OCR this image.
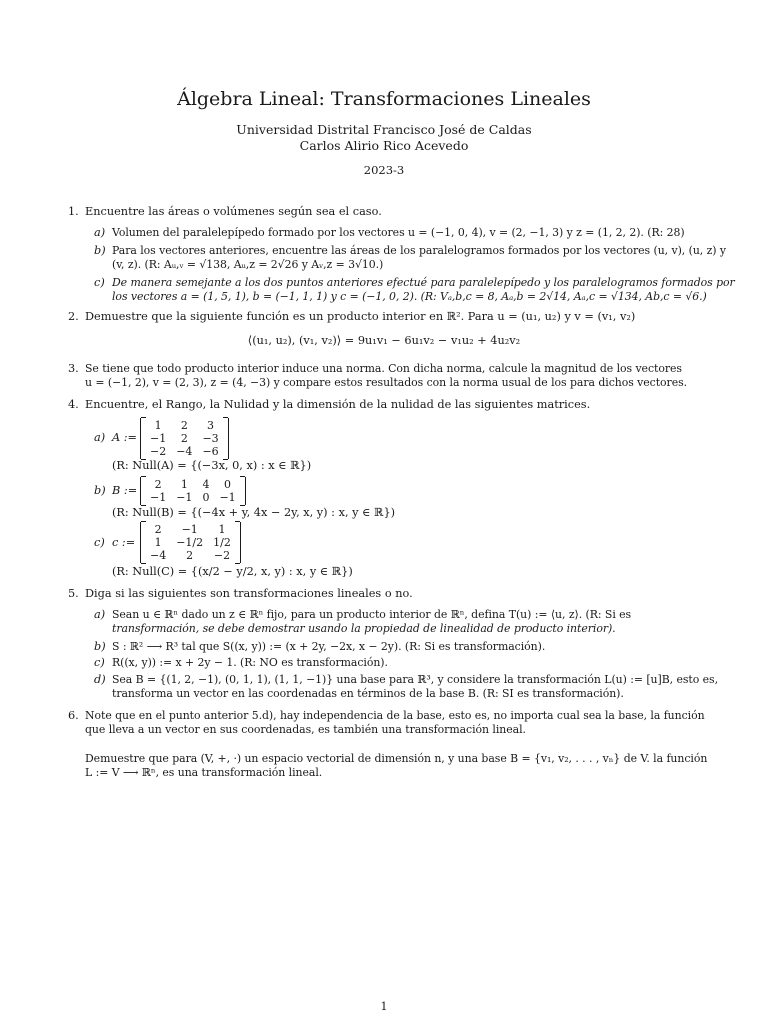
Álgebra Lineal: Transformaciones Lineales
Universidad Distrital Francisco José de Caldas
Carlos Alirio Rico Acevedo
2023-3
1. Encuentre las áreas o volúmenes según sea el caso.
a) Volumen del paralelepípedo formado por los vectores u = (−1, 0, 4), v = (2, −1, 3) y z = (1, 2, 2). (R: 28)
b) Para los vectores anteriores, encuentre las áreas de los paralelogramos formados por los vectores (u, v), (u, z) y
(v, z). (R: Aᵤ,ᵥ = √138, Aᵤ,z = 2√26 y Aᵥ,z = 3√10.)
c) De manera semejante a los dos puntos anteriores efectué para paralelepípedo y los paralelogramos formados por
los vectores a = (1, 5, 1), b = (−1, 1, 1) y c = (−1, 0, 2). (R: Vₐ,b,c = 8, Aₐ,b = 2√14, Aₐ,c = √134, Ab,c = √6.)
2. Demuestre que la siguiente función es un producto interior en ℝ². Para u = (u₁, u₂) y v = (v₁, v₂)
⟨(u₁, u₂), (v₁, v₂)⟩ = 9u₁v₁ − 6u₁v₂ − v₁u₂ + 4u₂v₂
3. Se tiene que todo producto interior induce una norma. Con dicha norma, calcule la magnitud de los vectores
u = (−1, 2), v = (2, 3), z = (4, −3) y compare estos resultados con la norma usual de los para dichos vectores.
4. Encuentre, el Rango, la Nulidad y la dimensión de la nulidad de las siguientes matrices.
a) A :=
1	2	3
−1	2	−3
−2	−4	−6
(R: Null(A) = {(−3x, 0, x) : x ∈ ℝ})
b) B := 2	1	4	0
−1	−1	0	−1
(R: Null(B) = {(−4x + y, 4x − 2y, x, y) : x, y ∈ ℝ})
c) c :=
2	−1	1
1	−1/2	1/2
−4	2	−2
(R: Null(C) = {(x/2 − y/2, x, y) : x, y ∈ ℝ})
5. Diga si las siguientes son transformaciones lineales o no.
a) Sean u ∈ ℝⁿ dado un z ∈ ℝⁿ fijo, para un producto interior de ℝⁿ, defina T(u) := ⟨u, z⟩. (R: Si es
transformación, se debe demostrar usando la propiedad de linealidad de producto interior).
b) S : ℝ² ⟶ R³ tal que S((x, y)) := (x + 2y, −2x, x − 2y). (R: Si es transformación).
c) R((x, y)) := x + 2y − 1. (R: NO es transformación).
d) Sea B = {(1, 2, −1), (0, 1, 1), (1, 1, −1)} una base para ℝ³, y considere la transformación L(u) := [u]B, esto es,
transforma un vector en las coordenadas en términos de la base B. (R: SI es transformación).
6. Note que en el punto anterior 5.d), hay independencia de la base, esto es, no importa cual sea la base, la función
que lleva a un vector en sus coordenadas, es también una transformación lineal.
Demuestre que para (V, +, ·) un espacio vectorial de dimensión n, y una base B = {v₁, v₂, . . . , vₙ} de V. la función
L := V ⟶ ℝⁿ, es una transformación lineal.
1
